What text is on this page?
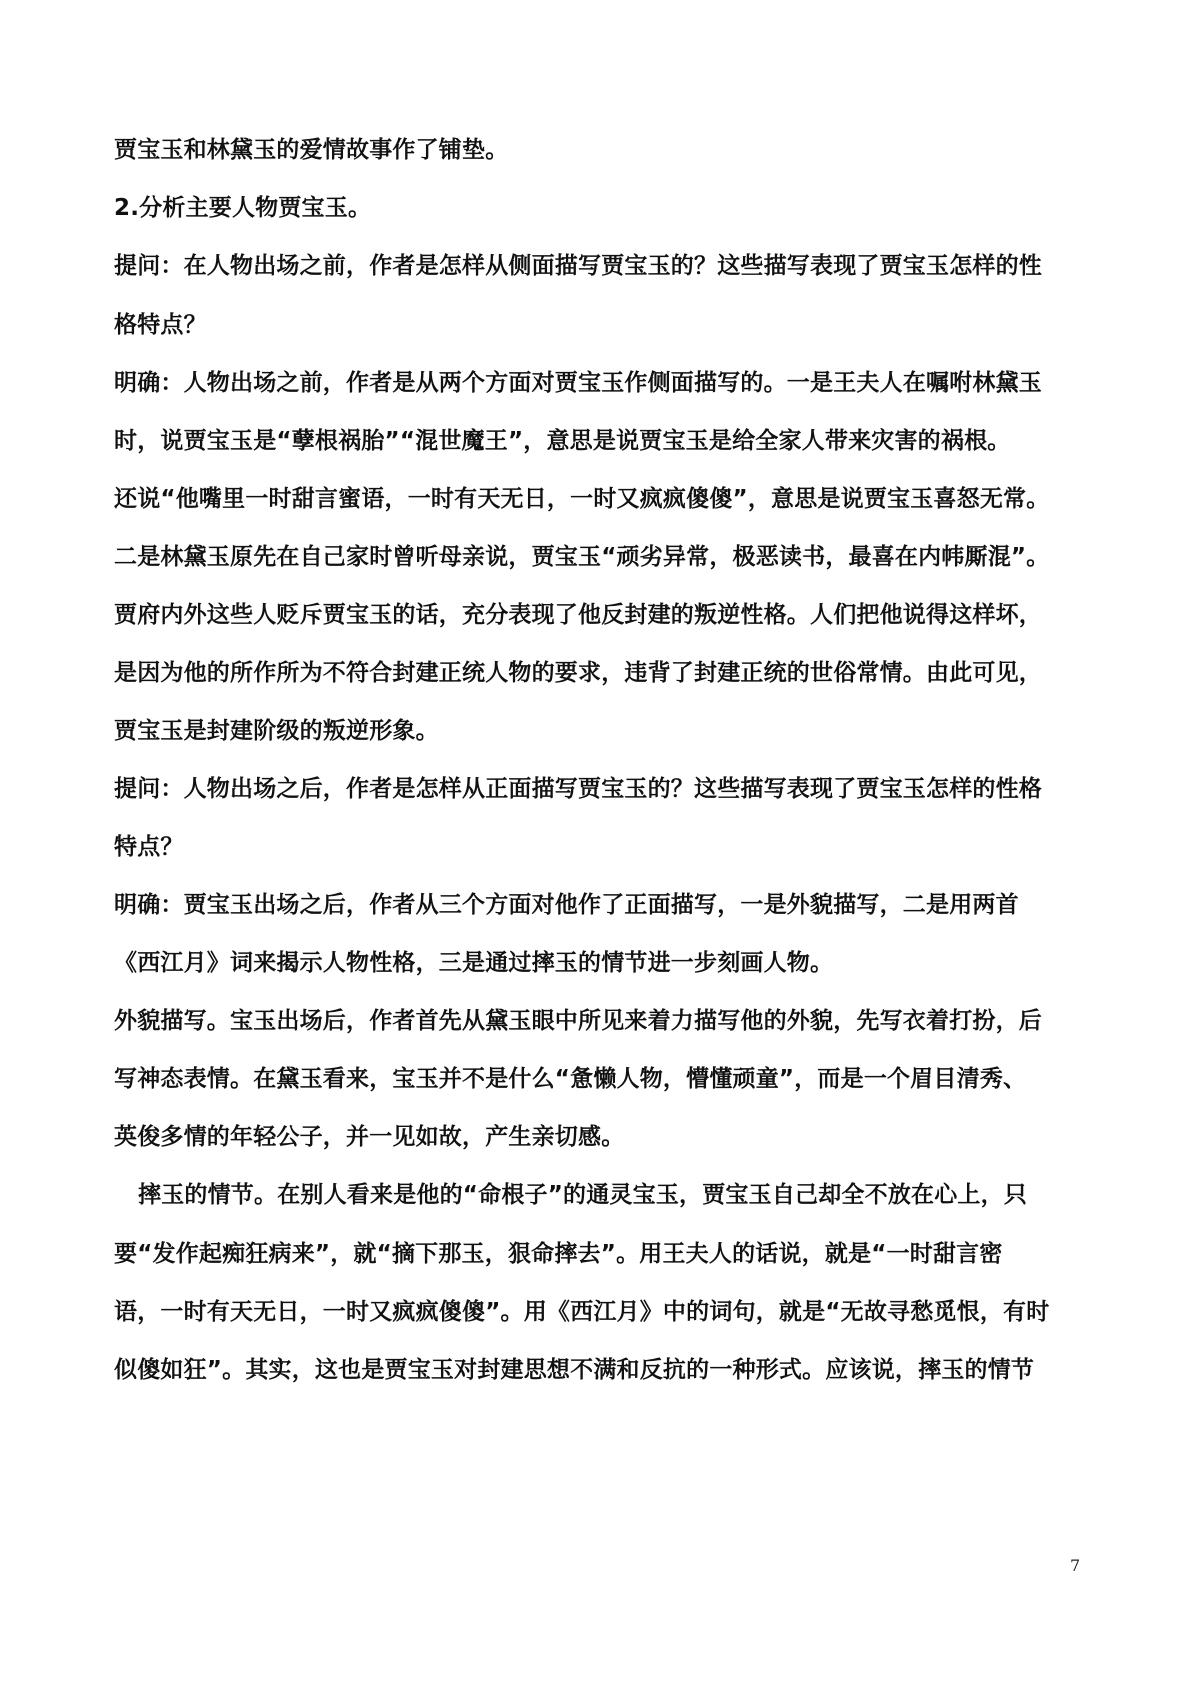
贾宝玉和林黛玉的爱情故事作了铺垫。
2.分析主要人物贾宝玉。
提问：在人物出场之前，作者是怎样从侧面描写贾宝玉的？这些描写表现了贾宝玉怎样的性
格特点？
明确：人物出场之前，作者是从两个方面对贾宝玉作侧面描写的。一是王夫人在嘱咐林黛玉
时，说贾宝玉是“孽根祸胎”“混世魔王”，意思是说贾宝玉是给全家人带来灾害的祸根。
还说“他嘴里一时甜言蜜语，一时有天无日，一时又疯疯傻傻”，意思是说贾宝玉喜怒无常。
二是林黛玉原先在自己家时曾听母亲说，贾宝玉“顽劣异常，极恶读书，最喜在内帏厮混”。
贾府内外这些人贬斥贾宝玉的话，充分表现了他反封建的叛逆性格。人们把他说得这样坏，
是因为他的所作所为不符合封建正统人物的要求，违背了封建正统的世俗常情。由此可见，
贾宝玉是封建阶级的叛逆形象。
提问：人物出场之后，作者是怎样从正面描写贾宝玉的？这些描写表现了贾宝玉怎样的性格
特点？
明确：贾宝玉出场之后，作者从三个方面对他作了正面描写，一是外貌描写，二是用两首
《西江月》词来揭示人物性格，三是通过摔玉的情节进一步刻画人物。
外貌描写。宝玉出场后，作者首先从黛玉眼中所见来着力描写他的外貌，先写衣着打扮，后
写神态表情。在黛玉看来，宝玉并不是什么“惫懒人物，懵懂顽童”，而是一个眉目清秀、
英俊多情的年轻公子，并一见如故，产生亲切感。
摔玉的情节。在别人看来是他的“命根子”的通灵宝玉，贾宝玉自己却全不放在心上，只
要“发作起痴狂病来”，就“摘下那玉，狠命摔去”。用王夫人的话说，就是“一时甜言密
语，一时有天无日，一时又疯疯傻傻”。用《西江月》中的词句，就是“无故寻愁觅恨，有时
似傻如狂”。其实，这也是贾宝玉对封建思想不满和反抗的一种形式。应该说，摔玉的情节
7
